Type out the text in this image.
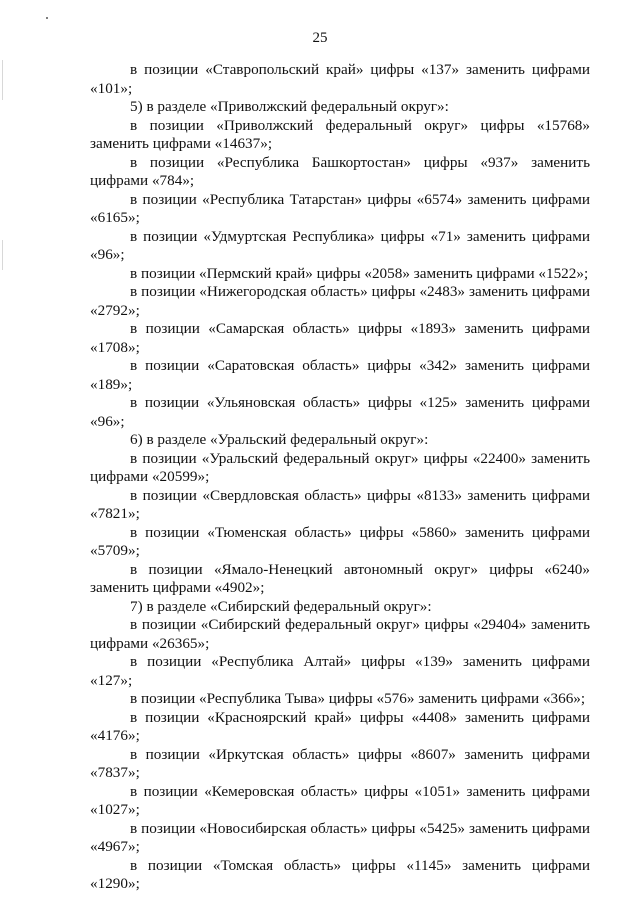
25

в позиции «Ставропольский край» цифры «137» заменить цифрами «101»;

5) в разделе «Приволжский федеральный округ»:

в позиции «Приволжский федеральный округ» цифры «15768» заменить цифрами «14637»;

в позиции «Республика Башкортостан» цифры «937» заменить цифрами «784»;

в позиции «Республика Татарстан» цифры «6574» заменить цифрами «6165»;

в позиции «Удмуртская Республика» цифры «71» заменить цифрами «96»;

в позиции «Пермский край» цифры «2058» заменить цифрами «1522»;

в позиции «Нижегородская область» цифры «2483» заменить цифрами «2792»;

в позиции «Самарская область» цифры «1893» заменить цифрами «1708»;

в позиции «Саратовская область» цифры «342» заменить цифрами «189»;

в позиции «Ульяновская область» цифры «125» заменить цифрами «96»;

6) в разделе «Уральский федеральный округ»:

в позиции «Уральский федеральный округ» цифры «22400» заменить цифрами «20599»;

в позиции «Свердловская область» цифры «8133» заменить цифрами «7821»;

в позиции «Тюменская область» цифры «5860» заменить цифрами «5709»;

в позиции «Ямало-Ненецкий автономный округ» цифры «6240» заменить цифрами «4902»;

7) в разделе «Сибирский федеральный округ»:

в позиции «Сибирский федеральный округ» цифры «29404» заменить цифрами «26365»;

в позиции «Республика Алтай» цифры «139» заменить цифрами «127»;

в позиции «Республика Тыва» цифры «576» заменить цифрами «366»;

в позиции «Красноярский край» цифры «4408» заменить цифрами «4176»;

в позиции «Иркутская область» цифры «8607» заменить цифрами «7837»;

в позиции «Кемеровская область» цифры «1051» заменить цифрами «1027»;

в позиции «Новосибирская область» цифры «5425» заменить цифрами «4967»;

в позиции «Томская область» цифры «1145» заменить цифрами «1290»;
